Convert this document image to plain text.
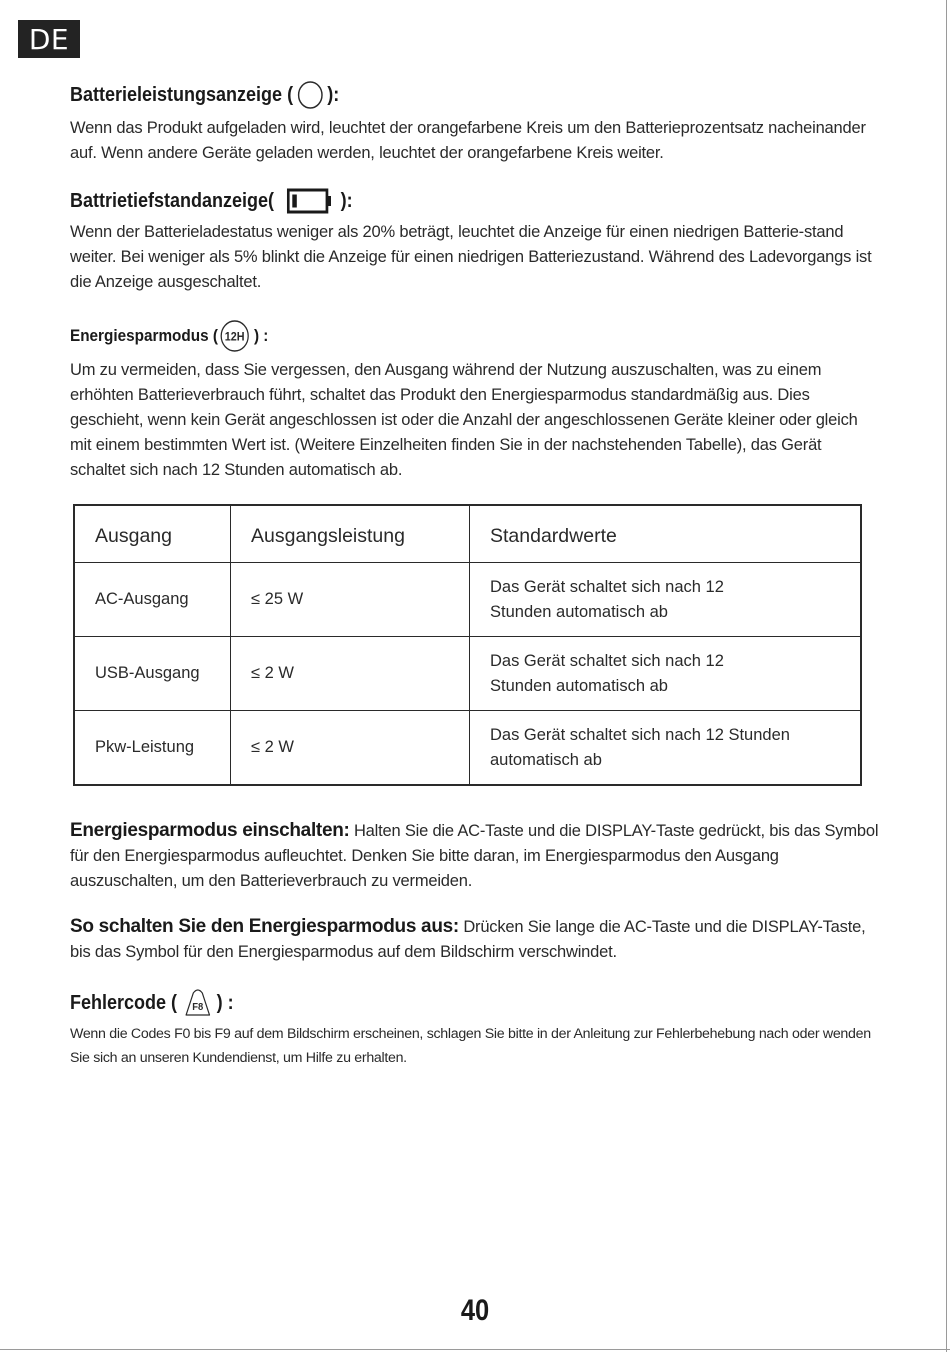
DE
Batterieleistungsanzeige ( ):

Wenn das Produkt aufgeladen wird, leuchtet der orangefarbene Kreis um den Batterieprozentsatz nacheinander auf. Wenn andere Geräte geladen werden, leuchtet der orangefarbene Kreis weiter.

Battrietiefstandanzeige(	):

Wenn der Batterieladestatus weniger als 20% beträgt, leuchtet die Anzeige für einen niedrigen Batterie-stand weiter. Bei weniger als 5% blinkt die Anzeige für einen niedrigen Batteriezustand. Während des Ladevorgangs ist die Anzeige ausgeschaltet.

Energiesparmodus ( 12H ) :

Um zu vermeiden, dass Sie vergessen, den Ausgang während der Nutzung auszuschalten, was zu einem erhöhten Batterieverbrauch führt, schaltet das Produkt den Energiesparmodus standardmäßig aus. Dies geschieht, wenn kein Gerät angeschlossen ist oder die Anzahl der angeschlossenen Geräte kleiner oder gleich mit einem bestimmten Wert ist. (Weitere Einzelheiten finden Sie in der nachstehenden Tabelle), das Gerät schaltet sich nach 12 Stunden automatisch ab.

Ausgang	Ausgangsleistung	Standardwerte
AC-Ausgang	≤ 25 W	Das Gerät schaltet sich nach 12
Stunden automatisch ab
USB-Ausgang	≤ 2 W	Das Gerät schaltet sich nach 12
Stunden automatisch ab
Pkw-Leistung	≤ 2 W	Das Gerät schaltet sich nach 12 Stunden
automatisch ab

Energiesparmodus einschalten: Halten Sie die AC-Taste und die DISPLAY-Taste gedrückt, bis das Symbol für den Energiesparmodus aufleuchtet. Denken Sie bitte daran, im Energiesparmodus den Ausgang auszuschalten, um den Batterieverbrauch zu vermeiden.

So schalten Sie den Energiesparmodus aus: Drücken Sie lange die AC-Taste und die DISPLAY-Taste, bis das Symbol für den Energiesparmodus auf dem Bildschirm verschwindet.

Fehlercode ( F8 ) :

Wenn die Codes F0 bis F9 auf dem Bildschirm erscheinen, schlagen Sie bitte in der Anleitung zur Fehlerbehebung nach oder wenden Sie sich an unseren Kundendienst, um Hilfe zu erhalten.

40
